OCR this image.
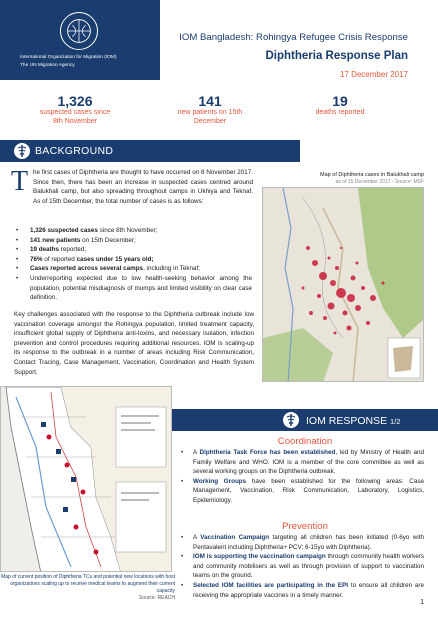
International Organization for Migration (IOM)
The UN Migration Agency
IOM Bangladesh: Rohingya Refugee Crisis Response
Diphtheria Response Plan
17 December 2017
1,326
suspected cases since 8th November
141
new patients on 15th December
19
deaths reported
BACKGROUND
T he first cases of Diphtheria are thought to have occurred on 8 November 2017. Since then, there has been an increase in suspected cases centred around Balukhali camp, but also spreading throughout camps in Ukhiya and Teknaf. As of 15th December, the total number of cases is as follows:
• 1,326 suspected cases since 8th November;
• 141 new patients on 15th December;
• 19 deaths reported;
• 76% of reported cases under 15 years old;
• Cases reported across several camps, including in Teknaf;
• Underreporting expected due to low health-seeking behavior among the population, potential misdiagnosis of mumps and limited visibility on clear case definition.
Key challenges associated with the response to the Diphtheria outbreak include low vaccination coverage amongst the Rohingya population, limited treatment capacity, insufficient global supply of Diphtheria anti-toxins, and necessary isolation, infection prevention and control procedures requiring additional resources. IOM is scaling-up its response to the outbreak in a number of areas including Risk Communication, Contact Tracing, Case Management, Vaccination, Coordination and Health System Support.
Map of Diphtheria cases in Balukhali camp
as of 15 December 2017 - Source: MSF
Map of current position of Diphtheria TCs and potential new locations with host organizations scaling up to receive medical teams to augment their current capacity
Source: REACH
IOM RESPONSE 1/2
Coordination
• A Diphtheria Task Force has been established, led by Ministry of Health and Family Welfare and WHO. IOM is a member of the core committee as well as several working groups on the Diphtheria outbreak.
• Working Groups have been established for the following areas: Case Management, Vaccination, Risk Communication, Laboratory, Logistics, Epidemiology.
Prevention
• A Vaccination Campaign targeting all children has been initiated (0-6yo with Pentavalent including Diphtheria+ PCV; 6-15yo with Diphtheria).
• IOM is supporting the vaccination campaign through community health workers and community mobilisers as well as through provision of support to vaccination teams on the ground.
• Selected IOM facilities are participating in the EPI to ensure all children are receiving the appropriate vaccines in a timely manner.
1
